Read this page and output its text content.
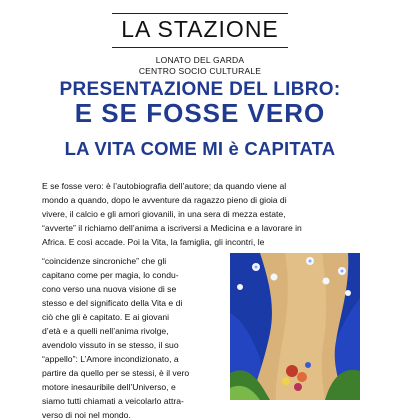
LA STAZIONE
LONATO DEL GARDA
CENTRO SOCIO CULTURALE
PRESENTAZIONE DEL LIBRO:
E SE FOSSE VERO
LA VITA COME MI è CAPITATA
E se fosse vero: è l’autobiografia dell’autore; da quando viene al
mondo a quando, dopo le avventure da ragazzo pieno di gioia di
vivere, il calcio e gli amori giovanili, in una sera di mezza estate,
“avverte” il richiamo dell’anima a iscriversi a Medicina e a lavorare in
Africa. E così accade. Poi la Vita, la famiglia, gli incontri, le
“coincidenze sincroniche” che gli
capitano come per magia, lo condu-
cono verso una nuova visione di se
stesso e del significato della Vita e di
ciò che gli è capitato. E ai giovani
d’età e a quelli nell’anima rivolge,
avendolo vissuto in se stesso, il suo
“appello”: L’Amore incondizionato, a
partire da quello per se stessi, è il vero
motore inesauribile dell’Universo, e
siamo tutti chiamati a veicolarlo attra-
verso di noi nel mondo.
